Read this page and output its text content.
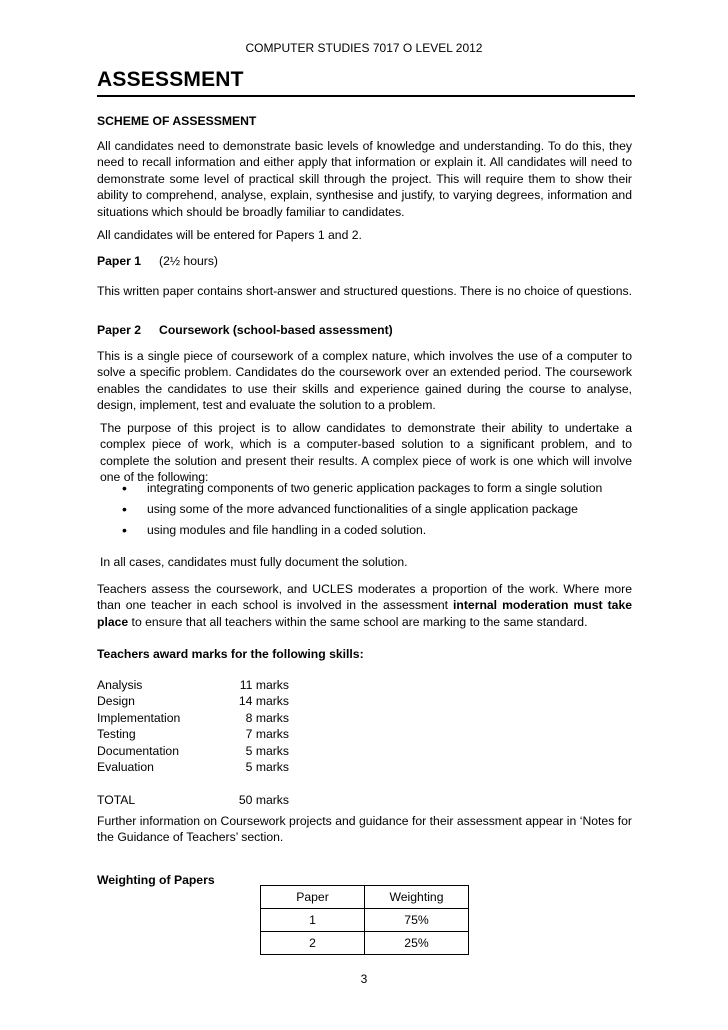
COMPUTER STUDIES 7017 O LEVEL 2012
ASSESSMENT
SCHEME OF ASSESSMENT
All candidates need to demonstrate basic levels of knowledge and understanding. To do this, they need to recall information and either apply that information or explain it. All candidates will need to demonstrate some level of practical skill through the project. This will require them to show their ability to comprehend, analyse, explain, synthesise and justify, to varying degrees, information and situations which should be broadly familiar to candidates.
All candidates will be entered for Papers 1 and 2.
Paper 1 (2½ hours)
This written paper contains short-answer and structured questions. There is no choice of questions.
Paper 2 Coursework (school-based assessment)
This is a single piece of coursework of a complex nature, which involves the use of a computer to solve a specific problem. Candidates do the coursework over an extended period. The coursework enables the candidates to use their skills and experience gained during the course to analyse, design, implement, test and evaluate the solution to a problem.
The purpose of this project is to allow candidates to demonstrate their ability to undertake a complex piece of work, which is a computer-based solution to a significant problem, and to complete the solution and present their results. A complex piece of work is one which will involve one of the following:
• integrating components of two generic application packages to form a single solution
• using some of the more advanced functionalities of a single application package
• using modules and file handling in a coded solution.
In all cases, candidates must fully document the solution.
Teachers assess the coursework, and UCLES moderates a proportion of the work. Where more than one teacher in each school is involved in the assessment internal moderation must take place to ensure that all teachers within the same school are marking to the same standard.
Teachers award marks for the following skills:
Analysis	11 marks
Design	14 marks
Implementation	8 marks
Testing	7 marks
Documentation	5 marks
Evaluation	5 marks

TOTAL	50 marks
Further information on Coursework projects and guidance for their assessment appear in ‘Notes for the Guidance of Teachers’ section.
Weighting of Papers
Paper	Weighting
1	75%
2	25%
3
